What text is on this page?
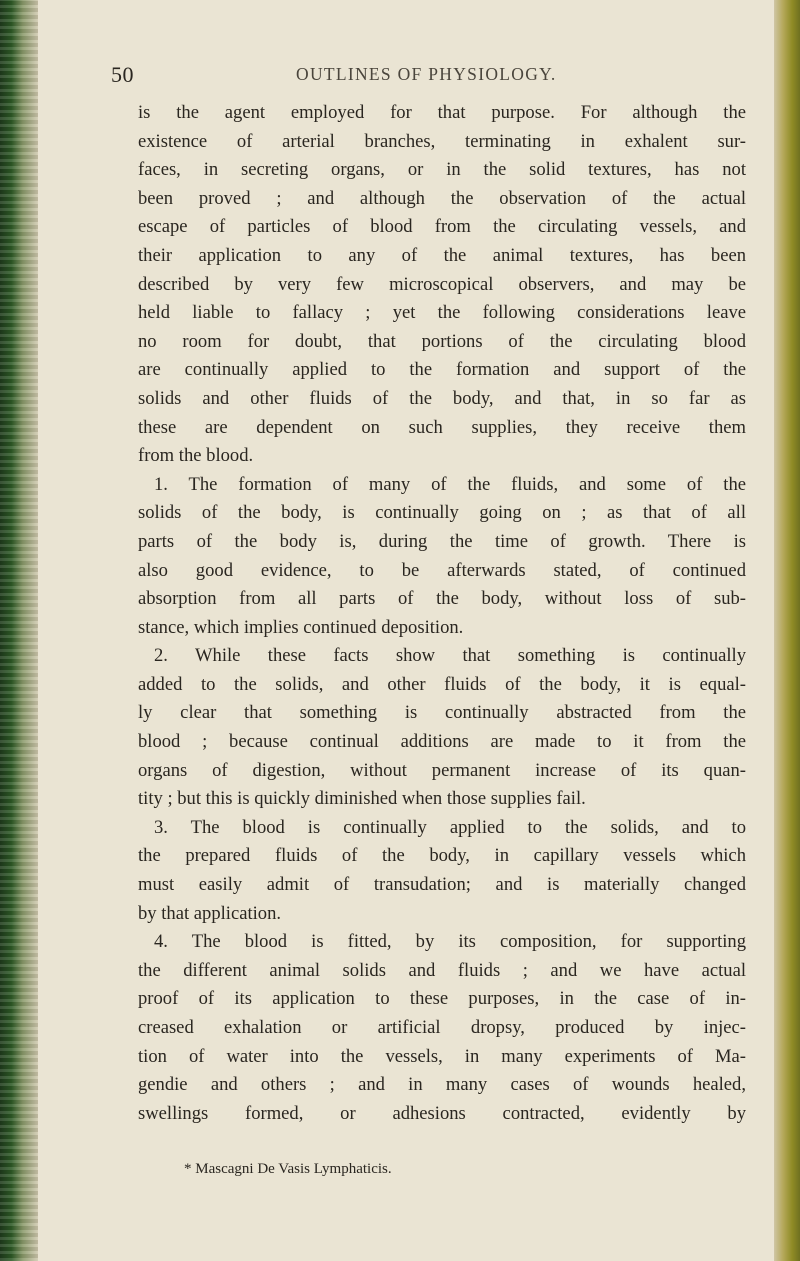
50	OUTLINES OF PHYSIOLOGY.
is the agent employed for that purpose. For although the
existence of arterial branches, terminating in exhalent sur-
faces, in secreting organs, or in the solid textures, has not
been proved ; and although the observation of the actual
escape of particles of blood from the circulating vessels, and
their application to any of the animal textures, has been
described by very few microscopical observers, and may be
held liable to fallacy ; yet the following considerations leave
no room for doubt, that portions of the circulating blood
are continually applied to the formation and support of the
solids and other fluids of the body, and that, in so far as
these are dependent on such supplies, they receive them
from the blood.
1. The formation of many of the fluids, and some of the
solids of the body, is continually going on ; as that of all
parts of the body is, during the time of growth. There is
also good evidence, to be afterwards stated, of continued
absorption from all parts of the body, without loss of sub-
stance, which implies continued deposition.
2. While these facts show that something is continually
added to the solids, and other fluids of the body, it is equal-
ly clear that something is continually abstracted from the
blood ; because continual additions are made to it from the
organs of digestion, without permanent increase of its quan-
tity ; but this is quickly diminished when those supplies fail.
3. The blood is continually applied to the solids, and to
the prepared fluids of the body, in capillary vessels which
must easily admit of transudation; and is materially changed
by that application.
4. The blood is fitted, by its composition, for supporting
the different animal solids and fluids ; and we have actual
proof of its application to these purposes, in the case of in-
creased exhalation or artificial dropsy, produced by injec-
tion of water into the vessels, in many experiments of Ma-
gendie and others ; and in many cases of wounds healed,
swellings formed, or adhesions contracted, evidently by
* Mascagni De Vasis Lymphaticis.
